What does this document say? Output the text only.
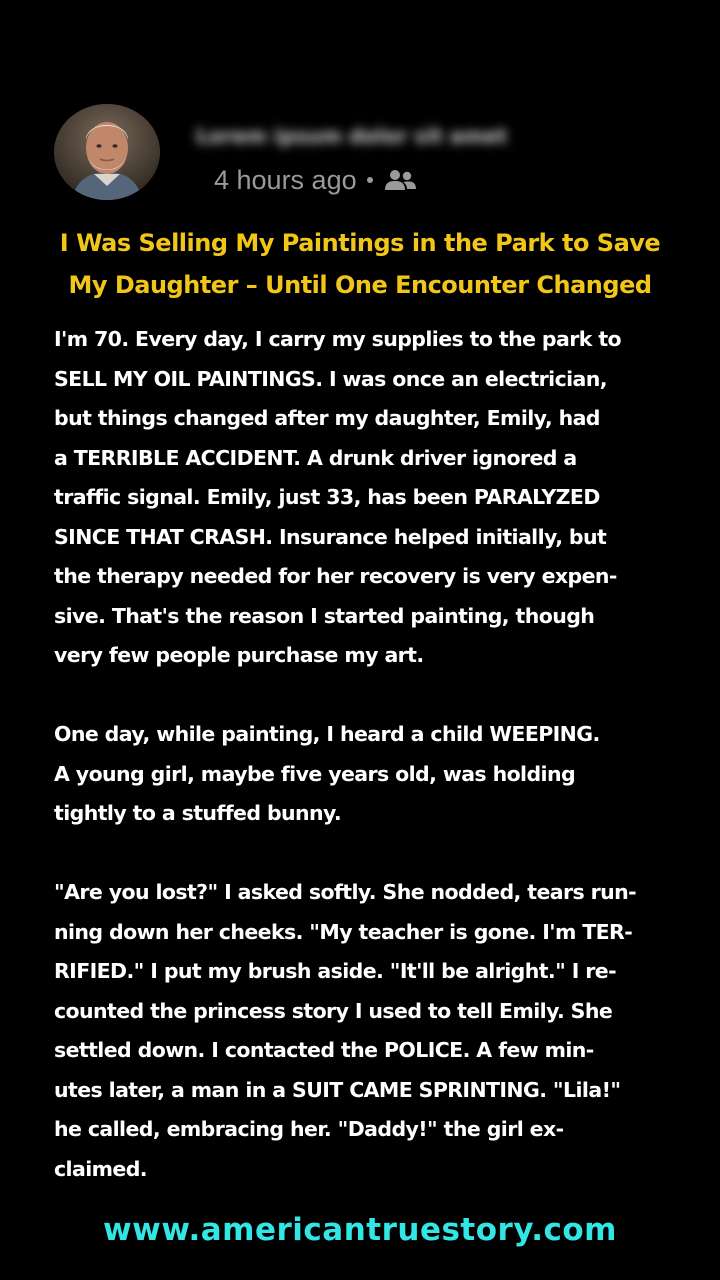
Lorem ipsum dolor sit amet
4 hours ago
I Was Selling My Paintings in the Park to Save
My Daughter – Until One Encounter Changed
I'm 70. Every day, I carry my supplies to the park to
SELL MY OIL PAINTINGS. I was once an electrician,
but things changed after my daughter, Emily, had
a TERRIBLE ACCIDENT. A drunk driver ignored a
traffic signal. Emily, just 33, has been PARALYZED
SINCE THAT CRASH. Insurance helped initially, but
the therapy needed for her recovery is very expen-
sive. That's the reason I started painting, though
very few people purchase my art.
One day, while painting, I heard a child WEEPING.
A young girl, maybe five years old, was holding
tightly to a stuffed bunny.
"Are you lost?" I asked softly. She nodded, tears run-
ning down her cheeks. "My teacher is gone. I'm TER-
RIFIED." I put my brush aside. "It'll be alright." I re-
counted the princess story I used to tell Emily. She
settled down. I contacted the POLICE. A few min-
utes later, a man in a SUIT CAME SPRINTING. "Lila!"
he called, embracing her. "Daddy!" the girl ex-
claimed.
www.americantruestory.com
